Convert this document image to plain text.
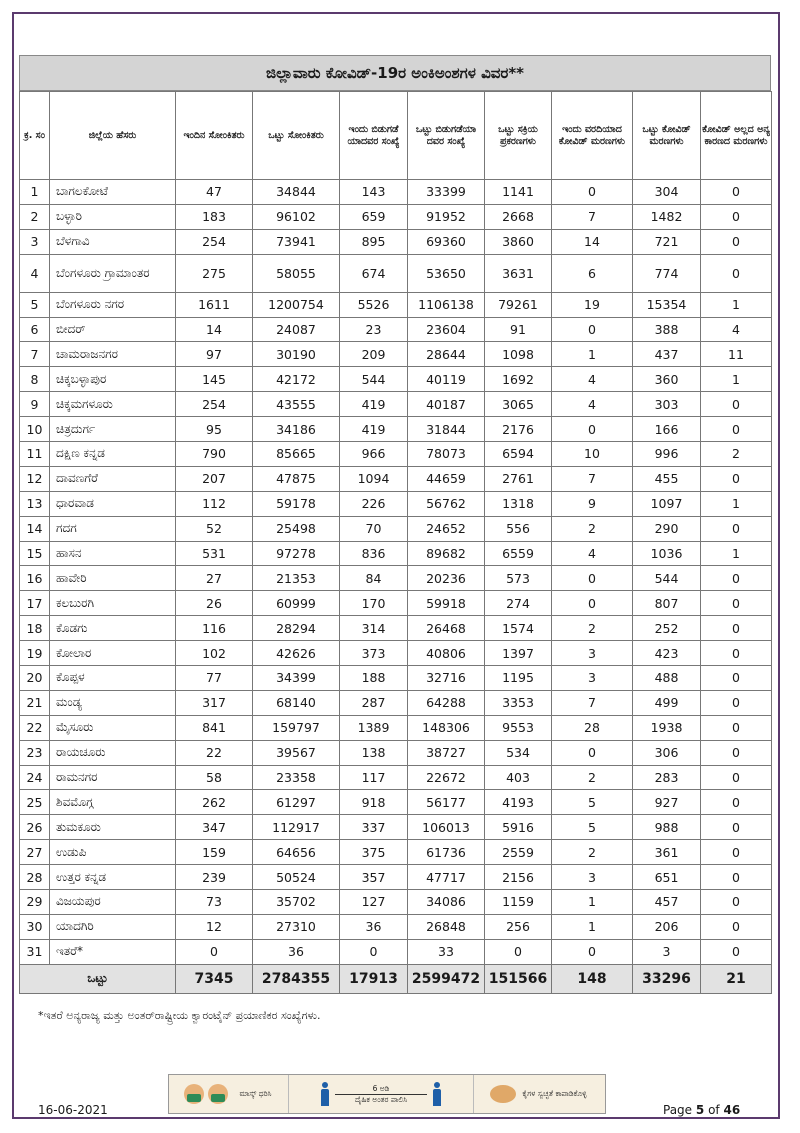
ಜಿಲ್ಲಾವಾರು ಕೋವಿಡ್-19ರ ಅಂಕಿಅಂಶಗಳ ವಿವರ**
ಕ್ರ. ಸಂ	ಜಿಲ್ಲೆಯ ಹೆಸರು	ಇಂದಿನ ಸೋಂಕಿತರು	ಒಟ್ಟು ಸೋಂಕಿತರು	ಇಂದು ಬಿಡುಗಡೆ ಯಾದವರ ಸಂಖ್ಯೆ	ಒಟ್ಟು ಬಿಡುಗಡೆಯಾ ದವರ ಸಂಖ್ಯೆ	ಒಟ್ಟು ಸಕ್ರಿಯ ಪ್ರಕರಣಗಳು	ಇಂದು ವರದಿಯಾದ ಕೋವಿಡ್ ಮರಣಗಳು	ಒಟ್ಟು ಕೋವಿಡ್ ಮರಣಗಳು	ಕೋವಿಡ್ ಅಲ್ಲದ ಅನ್ಯ ಕಾರಣದ ಮರಣಗಳು
1	ಬಾಗಲಕೋಟೆ	47	34844	143	33399	1141	0	304	0
2	ಬಳ್ಳಾರಿ	183	96102	659	91952	2668	7	1482	0
3	ಬೆಳಗಾವಿ	254	73941	895	69360	3860	14	721	0
4	ಬೆಂಗಳೂರು ಗ್ರಾಮಾಂತರ	275	58055	674	53650	3631	6	774	0
5	ಬೆಂಗಳೂರು ನಗರ	1611	1200754	5526	1106138	79261	19	15354	1
6	ಬೀದರ್	14	24087	23	23604	91	0	388	4
7	ಚಾಮರಾಜನಗರ	97	30190	209	28644	1098	1	437	11
8	ಚಿಕ್ಕಬಳ್ಳಾಪುರ	145	42172	544	40119	1692	4	360	1
9	ಚಿಕ್ಕಮಗಳೂರು	254	43555	419	40187	3065	4	303	0
10	ಚಿತ್ರದುರ್ಗ	95	34186	419	31844	2176	0	166	0
11	ದಕ್ಷಿಣ ಕನ್ನಡ	790	85665	966	78073	6594	10	996	2
12	ದಾವಣಗೆರೆ	207	47875	1094	44659	2761	7	455	0
13	ಧಾರವಾಡ	112	59178	226	56762	1318	9	1097	1
14	ಗದಗ	52	25498	70	24652	556	2	290	0
15	ಹಾಸನ	531	97278	836	89682	6559	4	1036	1
16	ಹಾವೇರಿ	27	21353	84	20236	573	0	544	0
17	ಕಲಬುರಗಿ	26	60999	170	59918	274	0	807	0
18	ಕೊಡಗು	116	28294	314	26468	1574	2	252	0
19	ಕೋಲಾರ	102	42626	373	40806	1397	3	423	0
20	ಕೊಪ್ಪಳ	77	34399	188	32716	1195	3	488	0
21	ಮಂಡ್ಯ	317	68140	287	64288	3353	7	499	0
22	ಮೈಸೂರು	841	159797	1389	148306	9553	28	1938	0
23	ರಾಯಚೂರು	22	39567	138	38727	534	0	306	0
24	ರಾಮನಗರ	58	23358	117	22672	403	2	283	0
25	ಶಿವಮೊಗ್ಗ	262	61297	918	56177	4193	5	927	0
26	ತುಮಕೂರು	347	112917	337	106013	5916	5	988	0
27	ಉಡುಪಿ	159	64656	375	61736	2559	2	361	0
28	ಉತ್ತರ ಕನ್ನಡ	239	50524	357	47717	2156	3	651	0
29	ವಿಜಯಪುರ	73	35702	127	34086	1159	1	457	0
30	ಯಾದಗಿರಿ	12	27310	36	26848	256	1	206	0
31	ಇತರೆ*	0	36	0	33	0	0	3	0
ಒಟ್ಟು		7345	2784355	17913	2599472	151566	148	33296	21
*ಇತರೆ ಅನ್ಯರಾಜ್ಯ ಮತ್ತು ಅಂತರ್‌ರಾಷ್ಟ್ರೀಯ ಕ್ವಾರಂಟೈನ್ ಪ್ರಯಾಣಿಕರ ಸಂಖ್ಯೆಗಳು.
ಮಾಸ್ಕ್ ಧರಿಸಿ
6 ಅಡಿ
ದೈಹಿಕ ಅಂತರ ಪಾಲಿಸಿ
ಕೈಗಳ ಸ್ವಚ್ಛತೆ ಕಾಪಾಡಿಕೊಳ್ಳಿ
16-06-2021	Page 5 of 46
